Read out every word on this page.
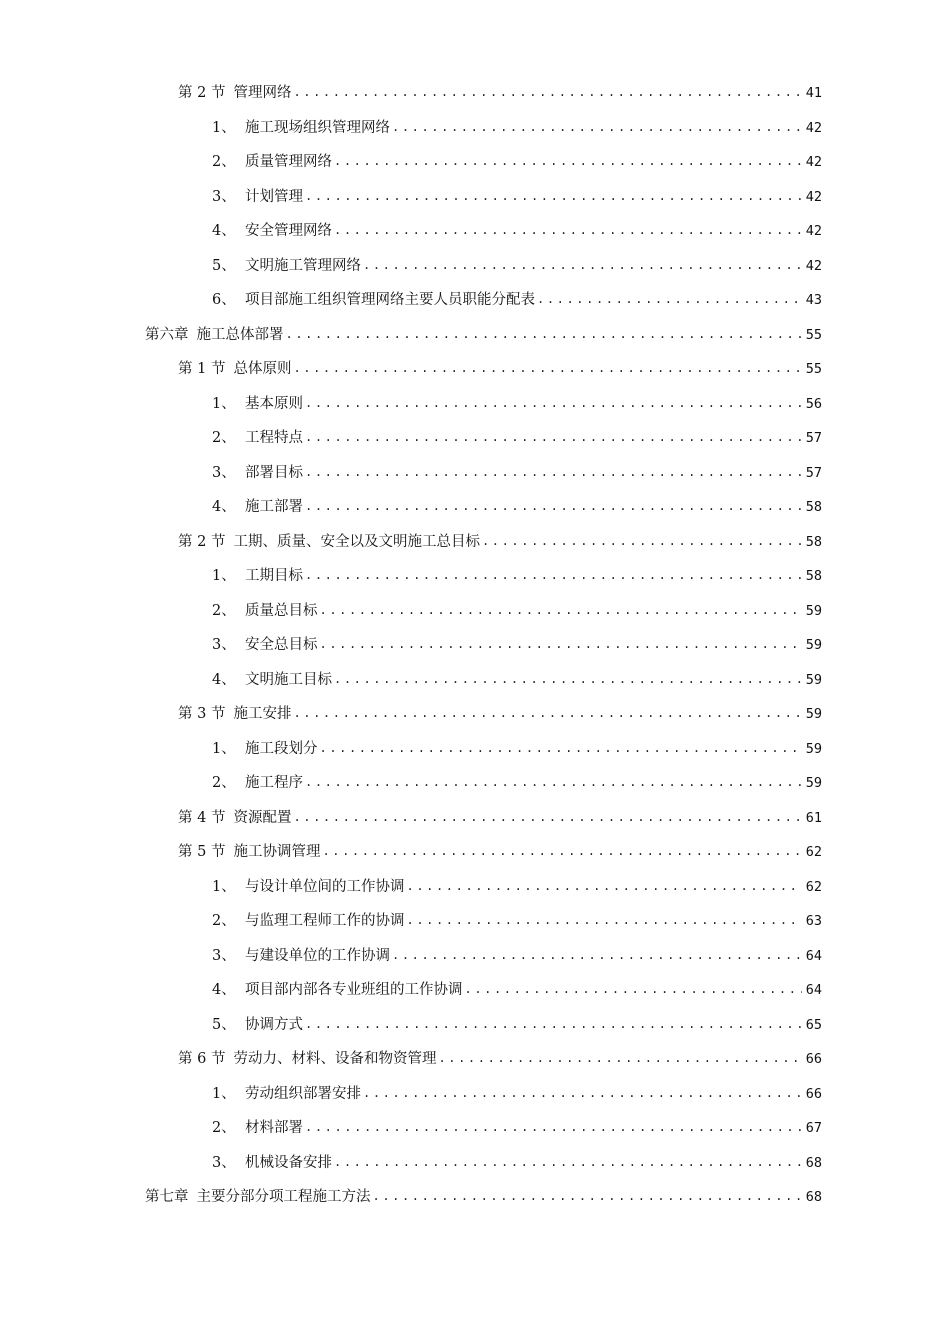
第 2 节 管理网络 .....	41
1、 施工现场组织管理网络 .....	42
2、 质量管理网络 .....	42
3、 计划管理 .....	42
4、 安全管理网络 .....	42
5、 文明施工管理网络 .....	42
6、 项目部施工组织管理网络主要人员职能分配表 .....	43
第六章 施工总体部署 .....	55
第 1 节 总体原则 .....	55
1、 基本原则 .....	56
2、 工程特点 .....	57
3、 部署目标 .....	57
4、 施工部署 .....	58
第 2 节 工期、质量、安全以及文明施工总目标 .....	58
1、 工期目标 .....	58
2、 质量总目标 .....	59
3、 安全总目标 .....	59
4、 文明施工目标 .....	59
第 3 节 施工安排 .....	59
1、 施工段划分 .....	59
2、 施工程序 .....	59
第 4 节 资源配置 .....	61
第 5 节 施工协调管理 .....	62
1、 与设计单位间的工作协调 .....	62
2、 与监理工程师工作的协调 .....	63
3、 与建设单位的工作协调 .....	64
4、 项目部内部各专业班组的工作协调 .....	64
5、 协调方式 .....	65
第 6 节 劳动力、材料、设备和物资管理 .....	66
1、 劳动组织部署安排 .....	66
2、 材料部署 .....	67
3、 机械设备安排 .....	68
第七章 主要分部分项工程施工方法 .....	68
